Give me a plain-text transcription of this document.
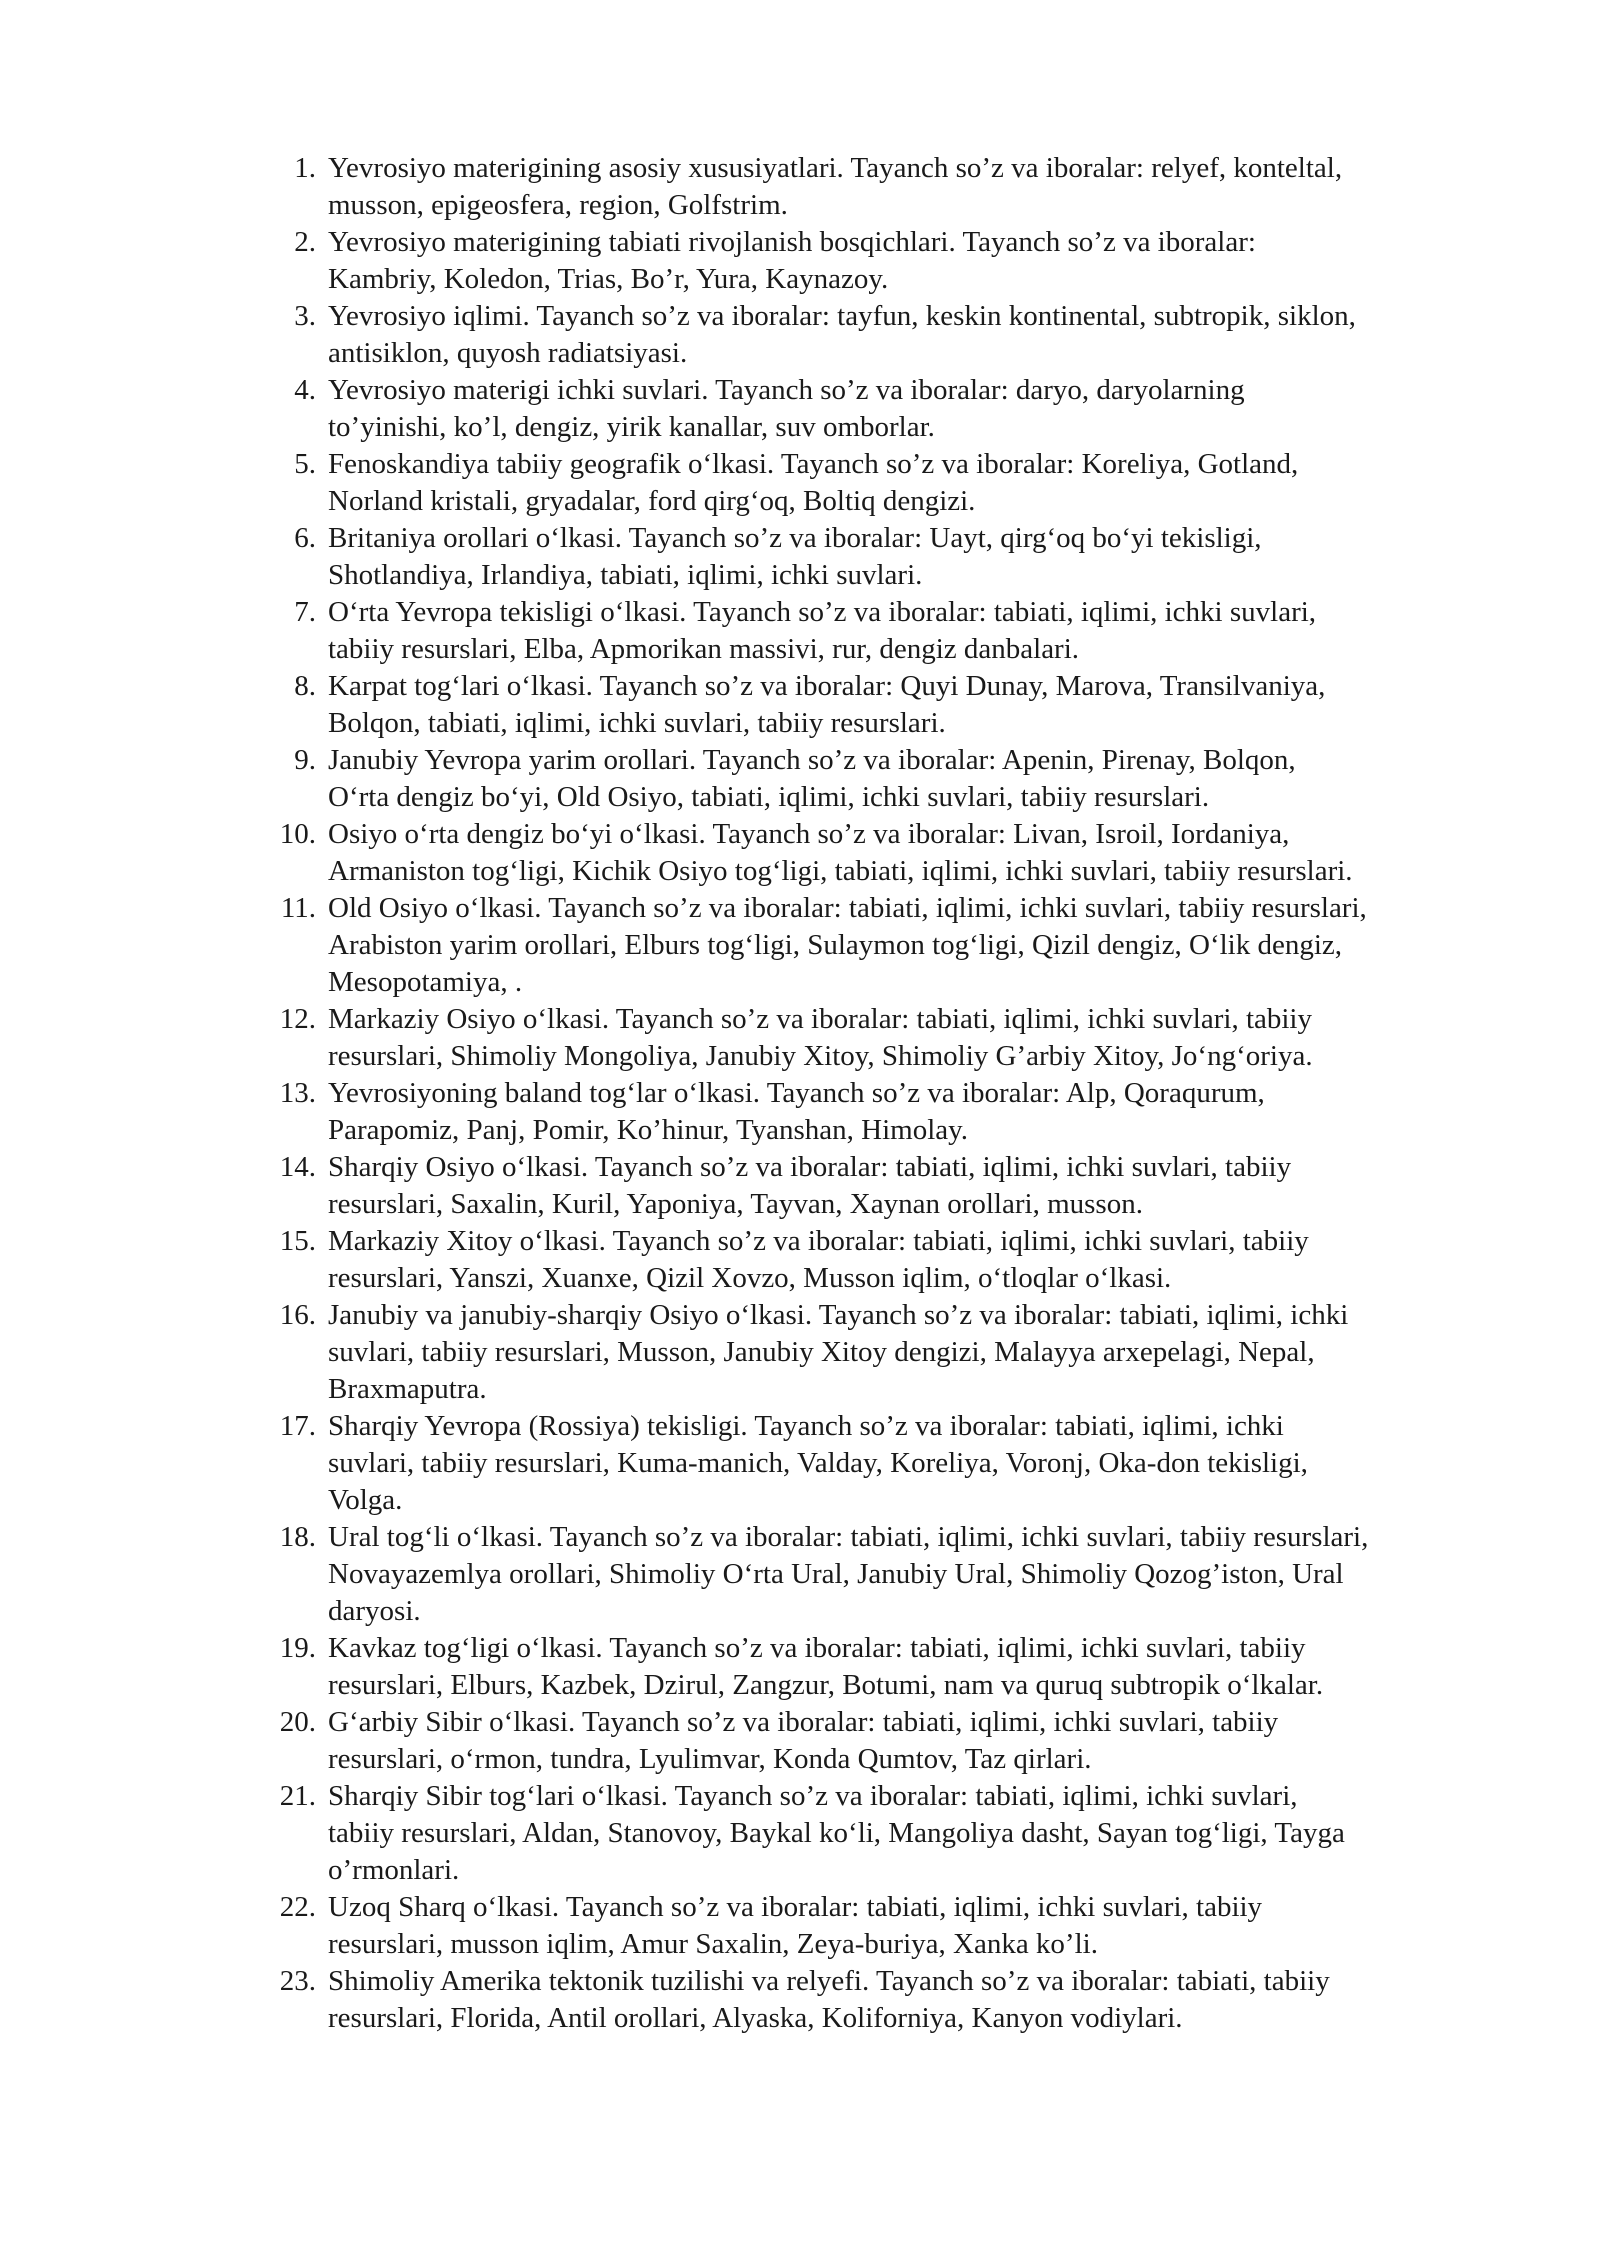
1. Yevrosiyo materigining asosiy xususiyatlari. Tayanch so’z va iboralar: relyef, konteltal,
musson, epigeosfera, region, Golfstrim.
2. Yevrosiyo materigining tabiati rivojlanish bosqichlari. Tayanch so’z va iboralar:
Kambriy, Koledon, Trias, Bo’r, Yura, Kaynazoy.
3. Yevrosiyo iqlimi. Tayanch so’z va iboralar: tayfun, keskin kontinental, subtropik, siklon,
antisiklon, quyosh radiatsiyasi.
4. Yevrosiyo materigi ichki suvlari. Tayanch so’z va iboralar: daryo, daryolarning
to’yinishi, ko’l, dengiz, yirik kanallar, suv omborlar.
5. Fenoskandiya tabiiy geografik o‘lkasi. Tayanch so’z va iboralar: Koreliya, Gotland,
Norland kristali, gryadalar, ford qirg‘oq, Boltiq dengizi.
6. Britaniya orollari o‘lkasi. Tayanch so’z va iboralar: Uayt, qirg‘oq bo‘yi tekisligi,
Shotlandiya, Irlandiya, tabiati, iqlimi, ichki suvlari.
7. O‘rta Yevropa tekisligi o‘lkasi. Tayanch so’z va iboralar: tabiati, iqlimi, ichki suvlari,
tabiiy resurslari, Elba, Apmorikan massivi, rur, dengiz danbalari.
8. Karpat tog‘lari o‘lkasi. Tayanch so’z va iboralar: Quyi Dunay, Marova, Transilvaniya,
Bolqon, tabiati, iqlimi, ichki suvlari, tabiiy resurslari.
9. Janubiy Yevropa yarim orollari. Tayanch so’z va iboralar: Apenin, Pirenay, Bolqon,
O‘rta dengiz bo‘yi, Old Osiyo, tabiati, iqlimi, ichki suvlari, tabiiy resurslari.
10. Osiyo o‘rta dengiz bo‘yi o‘lkasi. Tayanch so’z va iboralar: Livan, Isroil, Iordaniya,
Armaniston tog‘ligi, Kichik Osiyo tog‘ligi, tabiati, iqlimi, ichki suvlari, tabiiy resurslari.
11. Old Osiyo o‘lkasi. Tayanch so’z va iboralar: tabiati, iqlimi, ichki suvlari, tabiiy resurslari,
Arabiston yarim orollari, Elburs tog‘ligi, Sulaymon tog‘ligi, Qizil dengiz, O‘lik dengiz,
Mesopotamiya, .
12. Markaziy Osiyo o‘lkasi. Tayanch so’z va iboralar: tabiati, iqlimi, ichki suvlari, tabiiy
resurslari, Shimoliy Mongoliya, Janubiy Xitoy, Shimoliy G’arbiy Xitoy, Jo‘ng‘oriya.
13. Yevrosiyoning baland tog‘lar o‘lkasi. Tayanch so’z va iboralar: Alp, Qoraqurum,
Parapomiz, Panj, Pomir, Ko’hinur, Tyanshan, Himolay.
14. Sharqiy Osiyo o‘lkasi. Tayanch so’z va iboralar: tabiati, iqlimi, ichki suvlari, tabiiy
resurslari, Saxalin, Kuril, Yaponiya, Tayvan, Xaynan orollari, musson.
15. Markaziy Xitoy o‘lkasi. Tayanch so’z va iboralar: tabiati, iqlimi, ichki suvlari, tabiiy
resurslari, Yanszi, Xuanxe, Qizil Xovzo, Musson iqlim, o‘tloqlar o‘lkasi.
16. Janubiy va janubiy-sharqiy Osiyo o‘lkasi. Tayanch so’z va iboralar: tabiati, iqlimi, ichki
suvlari, tabiiy resurslari, Musson, Janubiy Xitoy dengizi, Malayya arxepelagi, Nepal,
Braxmaputra.
17. Sharqiy Yevropa (Rossiya) tekisligi. Tayanch so’z va iboralar: tabiati, iqlimi, ichki
suvlari, tabiiy resurslari, Kuma-manich, Valday, Koreliya, Voronj, Oka-don tekisligi,
Volga.
18. Ural tog‘li o‘lkasi. Tayanch so’z va iboralar: tabiati, iqlimi, ichki suvlari, tabiiy resurslari,
Novayazemlya orollari, Shimoliy O‘rta Ural, Janubiy Ural, Shimoliy Qozog’iston, Ural
daryosi.
19. Kavkaz tog‘ligi o‘lkasi. Tayanch so’z va iboralar: tabiati, iqlimi, ichki suvlari, tabiiy
resurslari, Elburs, Kazbek, Dzirul, Zangzur, Botumi, nam va quruq subtropik o‘lkalar.
20. G‘arbiy Sibir o‘lkasi. Tayanch so’z va iboralar: tabiati, iqlimi, ichki suvlari, tabiiy
resurslari, o‘rmon, tundra, Lyulimvar, Konda Qumtov, Taz qirlari.
21. Sharqiy Sibir tog‘lari o‘lkasi. Tayanch so’z va iboralar: tabiati, iqlimi, ichki suvlari,
tabiiy resurslari, Aldan, Stanovoy, Baykal ko‘li, Mangoliya dasht, Sayan tog‘ligi, Tayga
o’rmonlari.
22. Uzoq Sharq o‘lkasi. Tayanch so’z va iboralar: tabiati, iqlimi, ichki suvlari, tabiiy
resurslari, musson iqlim, Amur Saxalin, Zeya-buriya, Xanka ko’li.
23. Shimoliy Amerika tektonik tuzilishi va relyefi. Tayanch so’z va iboralar: tabiati, tabiiy
resurslari, Florida, Antil orollari, Alyaska, Koliforniya, Kanyon vodiylari.
